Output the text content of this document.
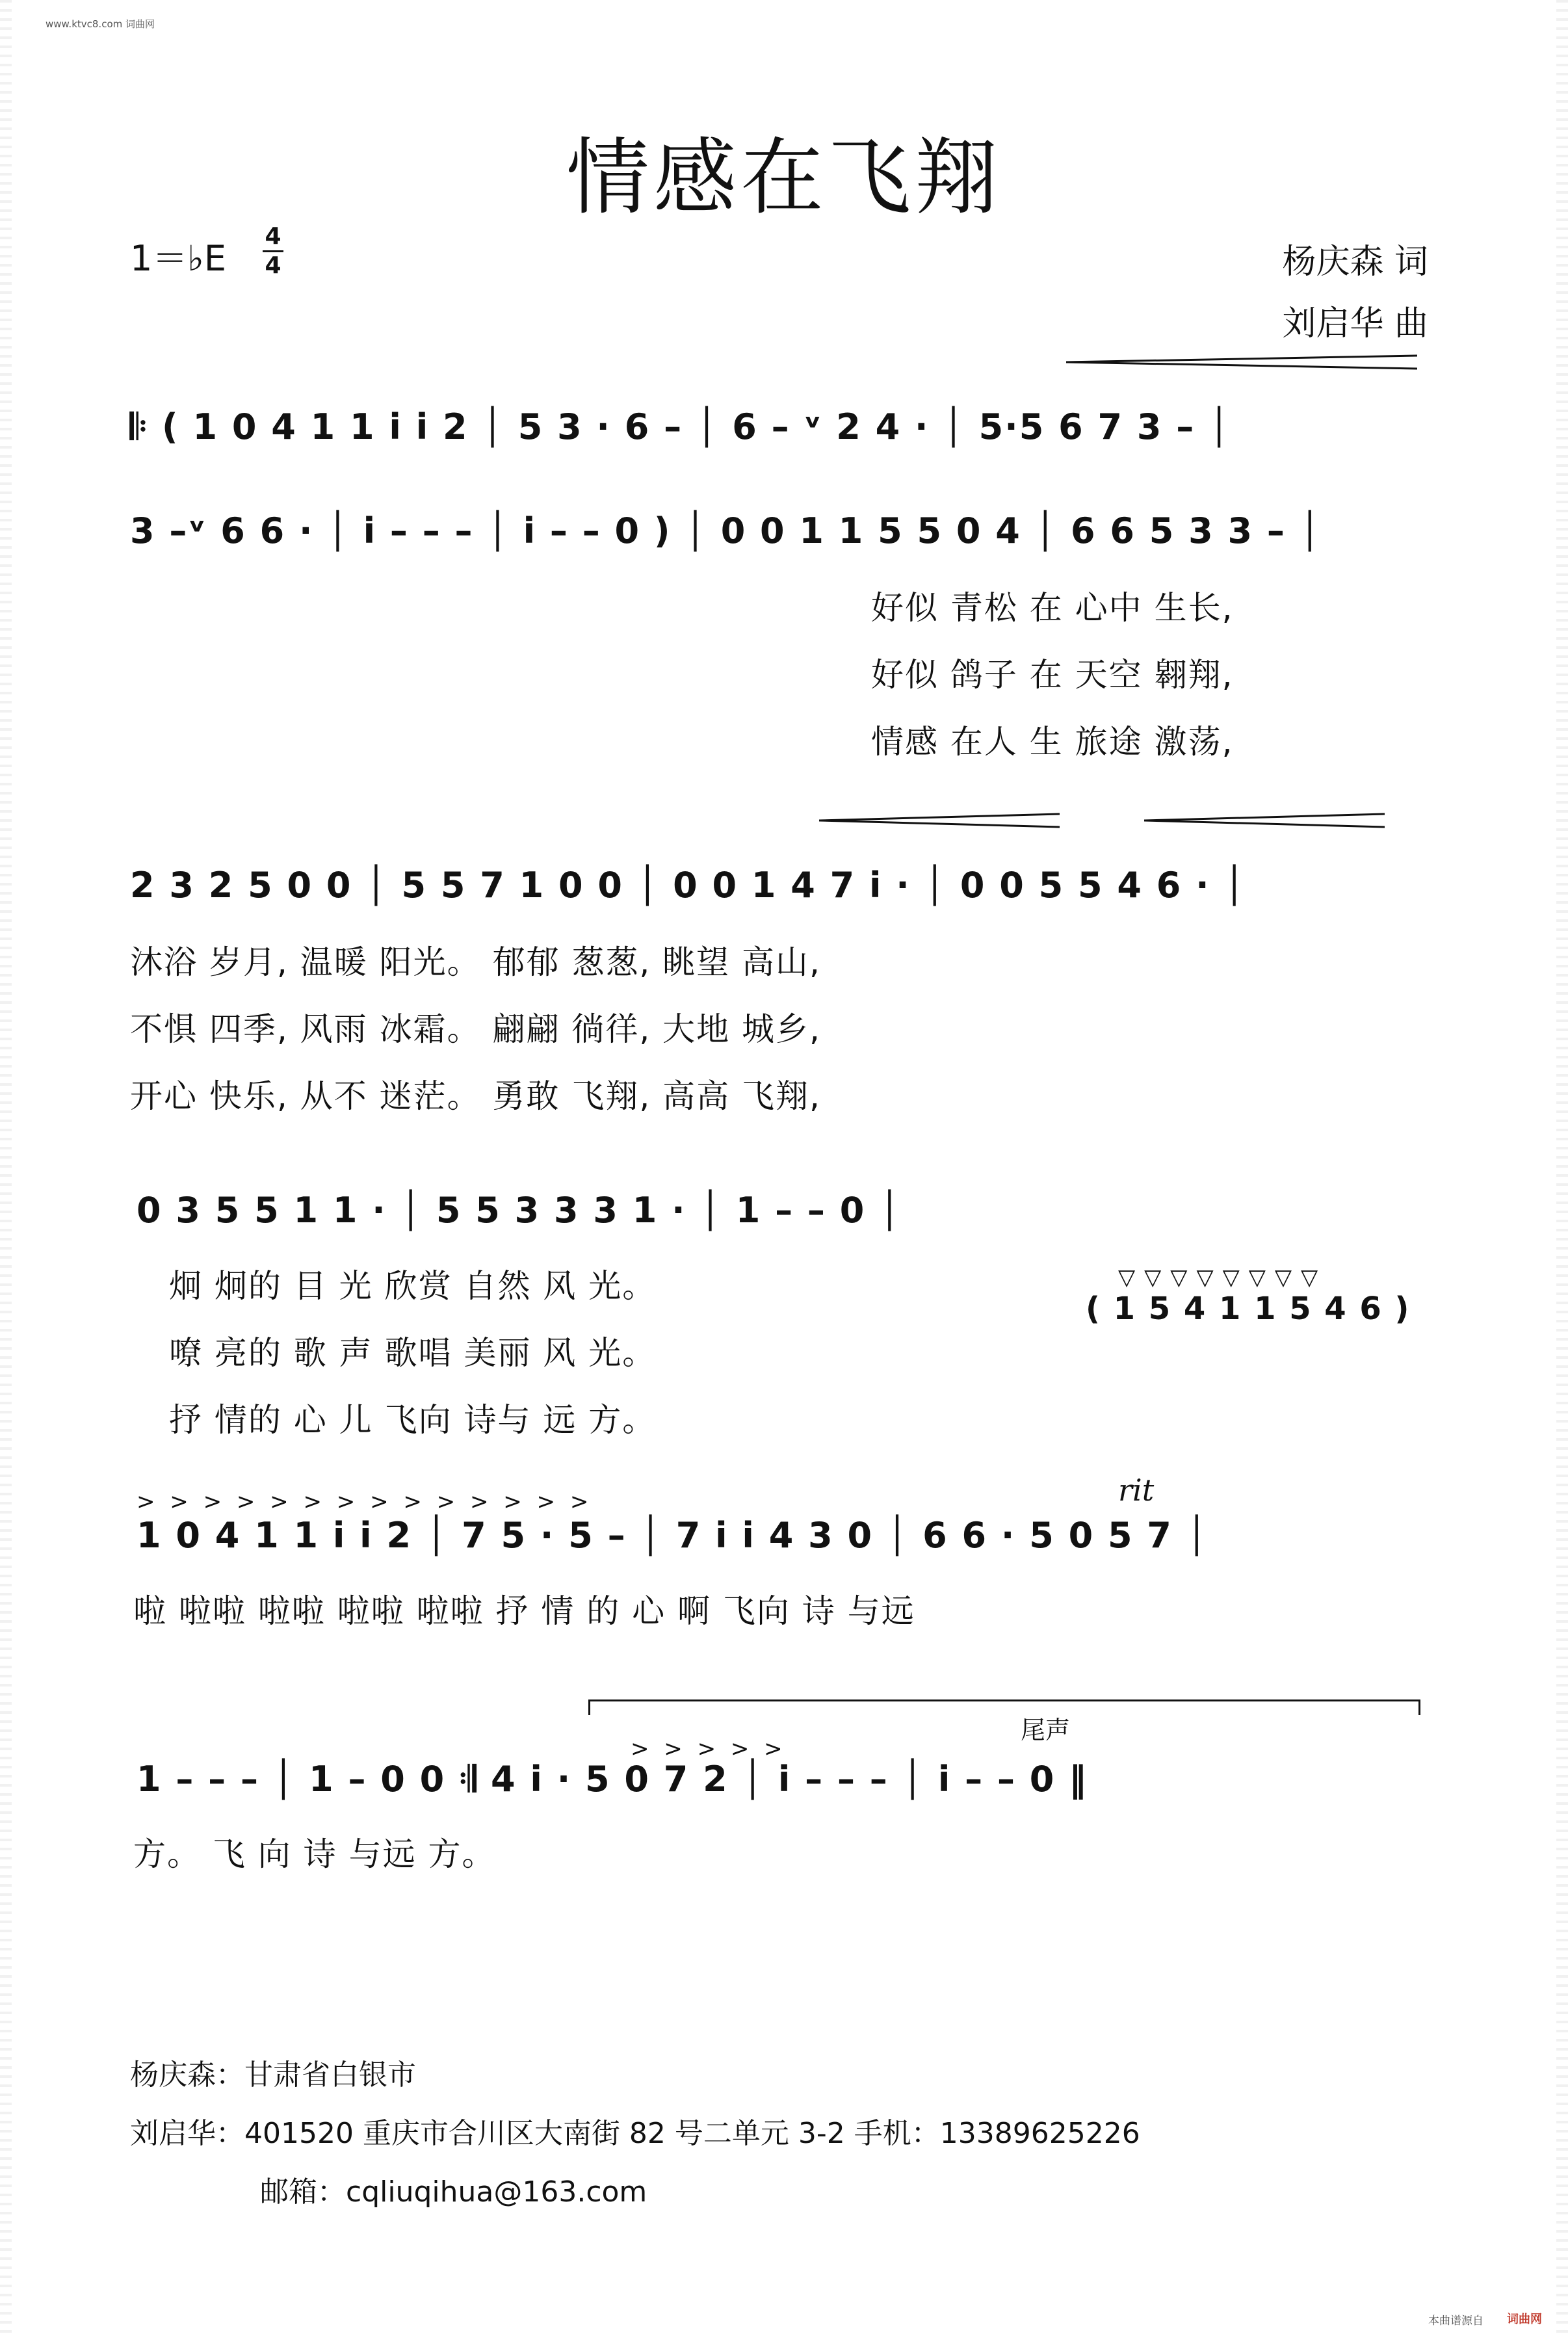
www.ktvc8.com 词曲网
情感在飞翔
1＝♭E
4
4	杨庆森 词
刘启华 曲
𝄆 ( 1 0 4 1 1 i i 2 │ 5 3 · 6 – │ 6 – ᵛ 2 4 · │ 5·5 6 7 3 – │
3 –ᵛ 6 6 · │ i – – – │ i – – 0 ) │ 0 0 1 1 5 5 0 4 │ 6 6 5 3 3 – │
好似 青松 在 心中 生长,
好似 鸽子 在 天空 翱翔,
情感 在人 生 旅途 激荡,
2 3 2 5 0 0 │ 5 5 7 1 0 0 │ 0 0 1 4 7 i · │ 0 0 5 5 4 6 · │
沐浴 岁月, 温暖 阳光。 郁郁 葱葱, 眺望 高山,
不惧 四季, 风雨 冰霜。 翩翩 徜徉, 大地 城乡,
开心 快乐, 从不 迷茫。 勇敢 飞翔, 高高 飞翔,
0 3 5 5 1 1 · │ 5 5 3 3 3 1 · │ 1 – – 0 │
炯 炯的 目 光 欣赏 自然 风 光。
嘹 亮的 歌 声 歌唱 美丽 风 光。
抒 情的 心 儿 飞向 诗与 远 方。
▽▽▽▽▽▽▽▽
( 1 5 4 1 1 5 4 6 )
> > > > > > > > > > > > > >	rit
1 0 4 1 1 i i 2 │ 7 5 · 5 – │ 7 i i 4 3 0 │ 6 6 · 5 0 5 7 │
啦 啦啦 啦啦 啦啦 啦啦 抒 情 的 心 啊 飞向 诗 与远
尾声
> > > > >
1 – – – │ 1 – 0 0 𝄇 4 i · 5 0 7 2 │ i – – – │ i – – 0 ‖
方。 飞 向 诗 与远 方。
杨庆森：甘肃省白银市
刘启华：401520 重庆市合川区大南街 82 号二单元 3-2 手机：13389625226
邮箱：cqliuqihua@163.com
本曲谱源自 词曲网
